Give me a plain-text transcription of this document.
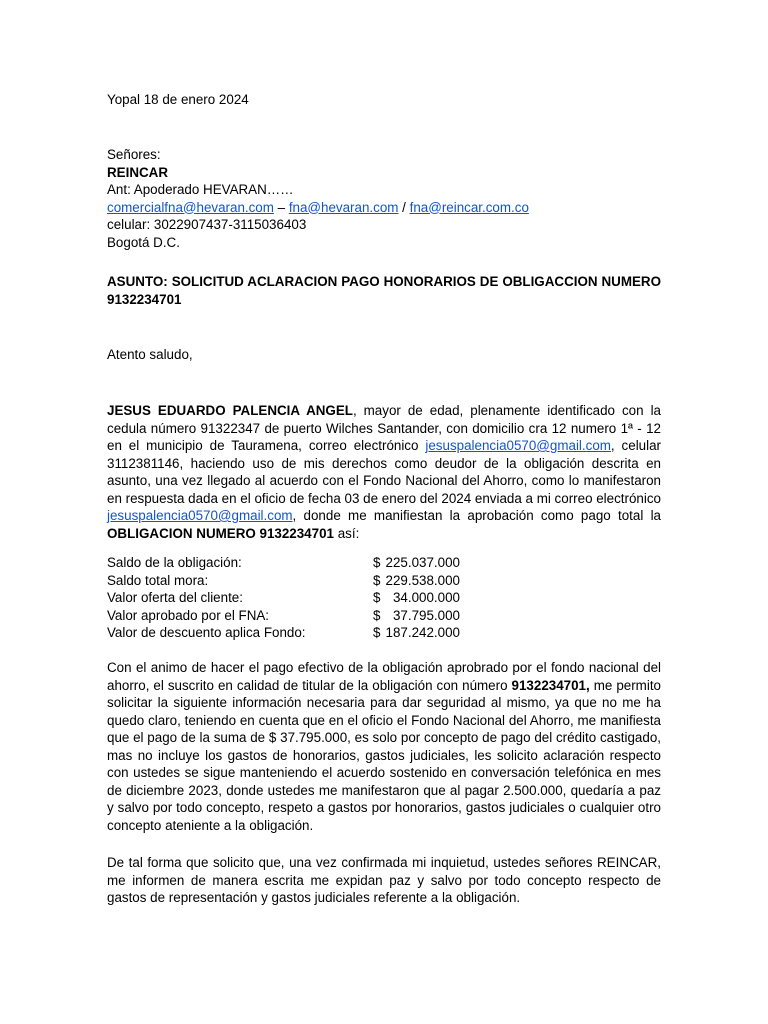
Yopal 18 de enero 2024
Señores:
REINCAR
Ant: Apoderado HEVARAN……
comercialfna@hevaran.com – fna@hevaran.com / fna@reincar.com.co
celular: 3022907437-3115036403
Bogotá D.C.
ASUNTO: SOLICITUD ACLARACION PAGO HONORARIOS DE OBLIGACCION NUMERO 9132234701
Atento saludo,
JESUS EDUARDO PALENCIA ANGEL, mayor de edad, plenamente identificado con la cedula número 91322347 de puerto Wilches Santander, con domicilio cra 12 numero 1ª - 12 en el municipio de Tauramena, correo electrónico jesuspalencia0570@gmail.com, celular 3112381146, haciendo uso de mis derechos como deudor de la obligación descrita en asunto, una vez llegado al acuerdo con el Fondo Nacional del Ahorro, como lo manifestaron en respuesta dada en el oficio de fecha 03 de enero del 2024 enviada a mi correo electrónico jesuspalencia0570@gmail.com, donde me manifiestan la aprobación como pago total la OBLIGACION NUMERO 9132234701 así:
Saldo de la obligación:	$ 225.037.000
Saldo total mora:	$ 229.538.000
Valor oferta del cliente:	$ 34.000.000
Valor aprobado por el FNA:	$ 37.795.000
Valor de descuento aplica Fondo:	$ 187.242.000
Con el animo de hacer el pago efectivo de la obligación aprobrado por el fondo nacional del ahorro, el suscrito en calidad de titular de la obligación con número 9132234701, me permito solicitar la siguiente información necesaria para dar seguridad al mismo, ya que no me ha quedo claro, teniendo en cuenta que en el oficio el Fondo Nacional del Ahorro, me manifiesta que el pago de la suma de $ 37.795.000, es solo por concepto de pago del crédito castigado, mas no incluye los gastos de honorarios, gastos judiciales, les solicito aclaración respecto con ustedes se sigue manteniendo el acuerdo sostenido en conversación telefónica en mes de diciembre 2023, donde ustedes me manifestaron que al pagar 2.500.000, quedaría a paz y salvo por todo concepto, respeto a gastos por honorarios, gastos judiciales o cualquier otro concepto ateniente a la obligación.
De tal forma que solicito que, una vez confirmada mi inquietud, ustedes señores REINCAR, me informen de manera escrita me expidan paz y salvo por todo concepto respecto de gastos de representación y gastos judiciales referente a la obligación.
